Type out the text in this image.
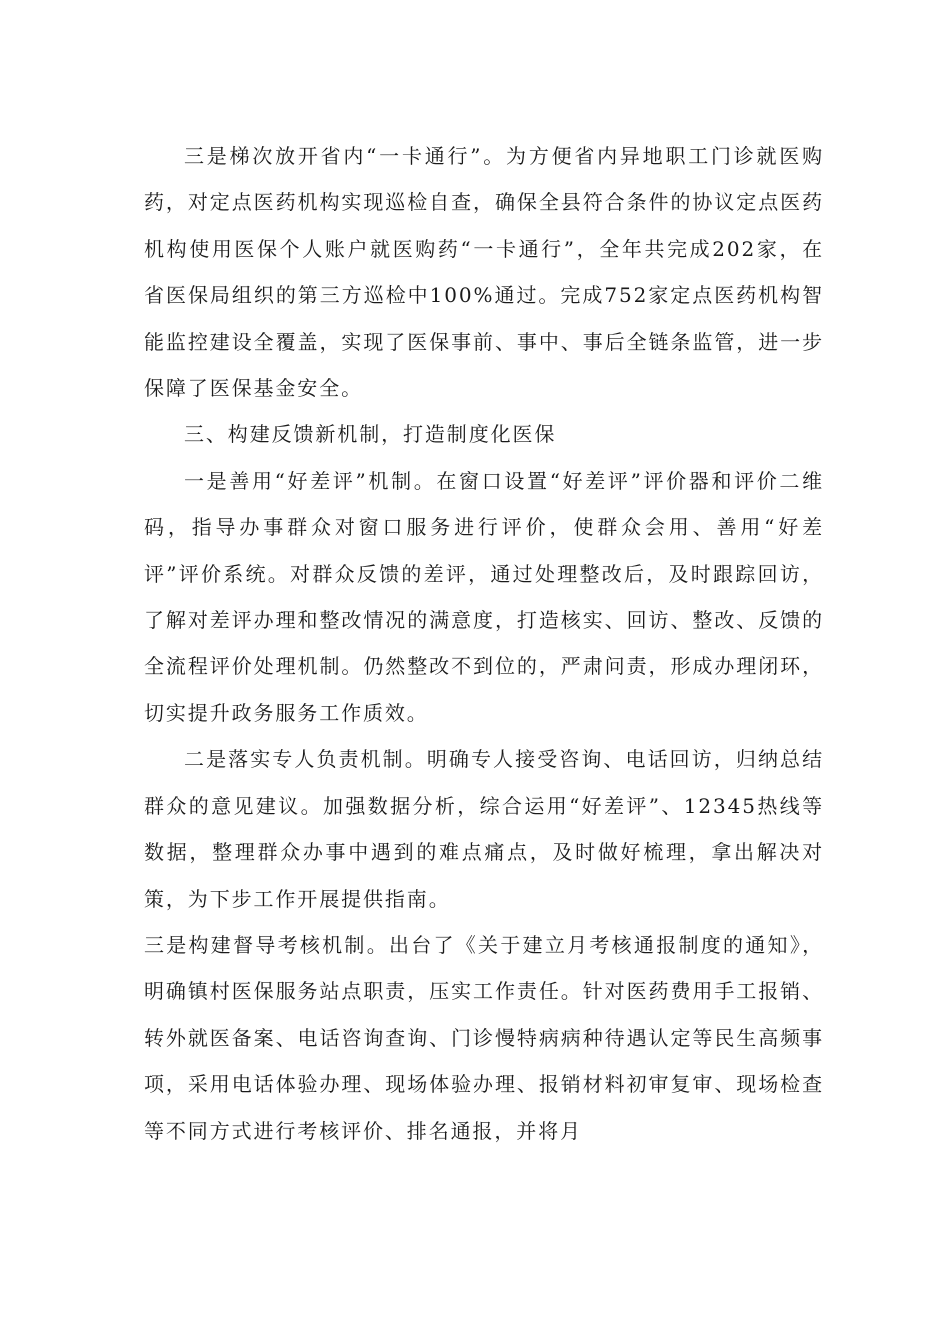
三是梯次放开省内“一卡通行”。为方便省内异地职工门诊就医购药，对定点医药机构实现巡检自查，确保全县符合条件的协议定点医药机构使用医保个人账户就医购药“一卡通行”，全年共完成202家，在省医保局组织的第三方巡检中100%通过。完成752家定点医药机构智能监控建设全覆盖，实现了医保事前、事中、事后全链条监管，进一步保障了医保基金安全。

三、构建反馈新机制，打造制度化医保

一是善用“好差评”机制。在窗口设置“好差评”评价器和评价二维码，指导办事群众对窗口服务进行评价，使群众会用、善用“好差评”评价系统。对群众反馈的差评，通过处理整改后，及时跟踪回访，了解对差评办理和整改情况的满意度，打造核实、回访、整改、反馈的全流程评价处理机制。仍然整改不到位的，严肃问责，形成办理闭环，切实提升政务服务工作质效。

二是落实专人负责机制。明确专人接受咨询、电话回访，归纳总结群众的意见建议。加强数据分析，综合运用“好差评”、12345热线等数据，整理群众办事中遇到的难点痛点，及时做好梳理，拿出解决对策，为下步工作开展提供指南。

三是构建督导考核机制。出台了《关于建立月考核通报制度的通知》，明确镇村医保服务站点职责，压实工作责任。针对医药费用手工报销、转外就医备案、电话咨询查询、门诊慢特病病种待遇认定等民生高频事项，采用电话体验办理、现场体验办理、报销材料初审复审、现场检查等不同方式进行考核评价、排名通报，并将月
